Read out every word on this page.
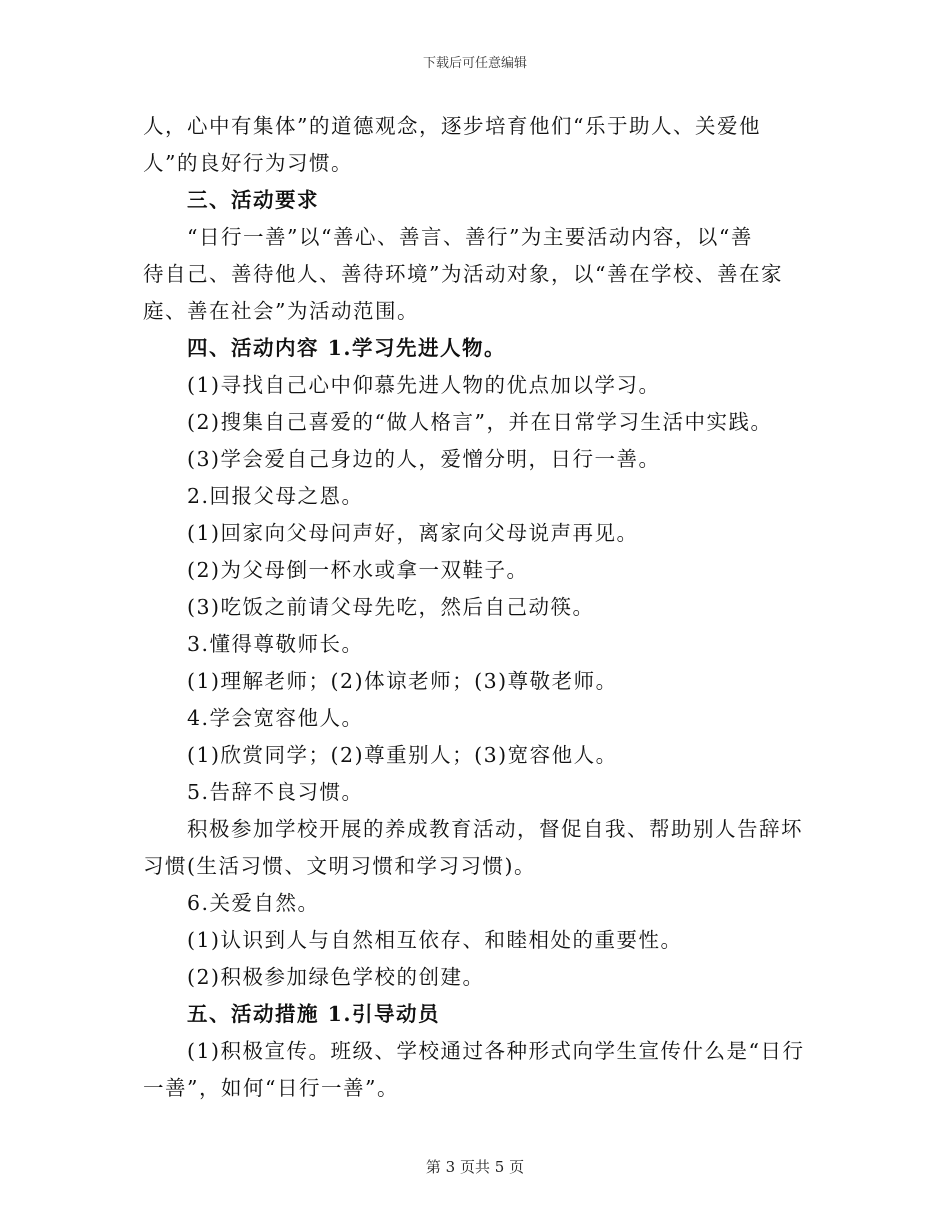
下载后可任意编辑
人，心中有集体”的道德观念，逐步培育他们“乐于助人、关爱他
人”的良好行为习惯。
三、活动要求
“日行一善”以“善心、善言、善行”为主要活动内容，以“善
待自己、善待他人、善待环境”为活动对象，以“善在学校、善在家
庭、善在社会”为活动范围。
四、活动内容 1.学习先进人物。
(1)寻找自己心中仰慕先进人物的优点加以学习。
(2)搜集自己喜爱的“做人格言”，并在日常学习生活中实践。
(3)学会爱自己身边的人，爱憎分明，日行一善。
2.回报父母之恩。
(1)回家向父母问声好，离家向父母说声再见。
(2)为父母倒一杯水或拿一双鞋子。
(3)吃饭之前请父母先吃，然后自己动筷。
3.懂得尊敬师长。
(1)理解老师；(2)体谅老师；(3)尊敬老师。
4.学会宽容他人。
(1)欣赏同学；(2)尊重别人；(3)宽容他人。
5.告辞不良习惯。
积极参加学校开展的养成教育活动，督促自我、帮助别人告辞坏
习惯(生活习惯、文明习惯和学习习惯)。
6.关爱自然。
(1)认识到人与自然相互依存、和睦相处的重要性。
(2)积极参加绿色学校的创建。
五、活动措施 1.引导动员
(1)积极宣传。班级、学校通过各种形式向学生宣传什么是“日行
一善”，如何“日行一善”。
第 3 页共 5 页
